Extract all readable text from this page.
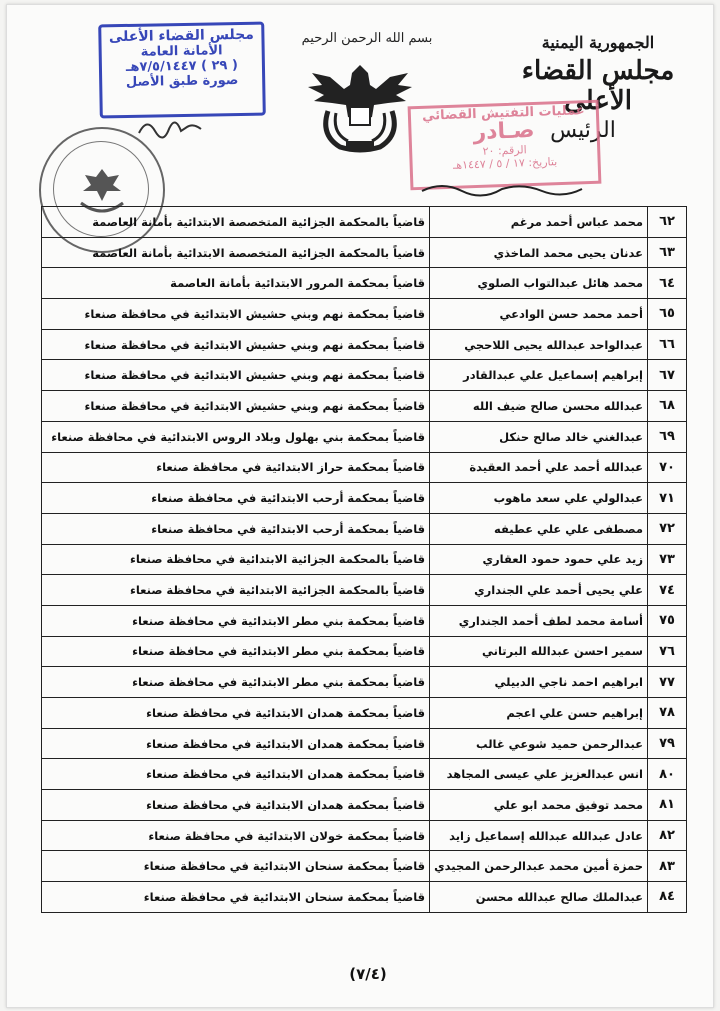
الجمهورية اليمنية
مجلس القضاء الأعلى
الرئيس
بسم الله الرحمن الرحيم
مجلس القضاء الأعلى
الأمانة العامة
( ٢٩ ) ٧/٥/١٤٤٧هـ
صورة طبق الأصل
عمليات التفتيش القضائي
صـادر
الرقم: ٢٠
بتاريخ: ١٧ / ٥ / ١٤٤٧هـ
٦٢	محمد عباس أحمد مرغم	قاضياً بالمحكمة الجزائية المتخصصة الابتدائية بأمانة العاصمة
٦٣	عدنان يحيى محمد الماخذي	قاضياً بالمحكمة الجزائية المتخصصة الابتدائية بأمانة العاصمة
٦٤	محمد هائل عبدالتواب الصلوي	قاضياً بمحكمة المرور الابتدائية بأمانة العاصمة
٦٥	أحمد محمد حسن الوادعي	قاضياً بمحكمة نهم وبني حشيش الابتدائية في محافظة صنعاء
٦٦	عبدالواحد عبدالله يحيى اللاحجي	قاضياً بمحكمة نهم وبني حشيش الابتدائية في محافظة صنعاء
٦٧	إبراهيم إسماعيل علي عبدالقادر	قاضياً بمحكمة نهم وبني حشيش الابتدائية في محافظة صنعاء
٦٨	عبدالله محسن صالح ضيف الله	قاضياً بمحكمة نهم وبني حشيش الابتدائية في محافظة صنعاء
٦٩	عبدالغني خالد صالح حنكل	قاضياً بمحكمة بني بهلول وبلاد الروس الابتدائية في محافظة صنعاء
٧٠	عبدالله أحمد علي أحمد العقيدة	قاضياً بمحكمة حراز الابتدائية في محافظة صنعاء
٧١	عبدالولي علي سعد ماهوب	قاضياً بمحكمة أرحب الابتدائية في محافظة صنعاء
٧٢	مصطفى علي علي عطيفه	قاضياً بمحكمة أرحب الابتدائية في محافظة صنعاء
٧٣	زيد علي حمود حمود العقاري	قاضياً بالمحكمة الجزائية الابتدائية في محافظة صنعاء
٧٤	علي يحيى أحمد علي الجنداري	قاضياً بالمحكمة الجزائية الابتدائية في محافظة صنعاء
٧٥	أسامة محمد لطف أحمد الجنداري	قاضياً بمحكمة بني مطر الابتدائية في محافظة صنعاء
٧٦	سمير احسن عبدالله البرتاني	قاضياً بمحكمة بني مطر الابتدائية في محافظة صنعاء
٧٧	ابراهيم احمد ناجي الدبيلي	قاضياً بمحكمة بني مطر الابتدائية في محافظة صنعاء
٧٨	إبراهيم حسن علي اعجم	قاضياً بمحكمة همدان الابتدائية في محافظة صنعاء
٧٩	عبدالرحمن حميد شوعي غالب	قاضياً بمحكمة همدان الابتدائية في محافظة صنعاء
٨٠	انس عبدالعزيز علي عيسى المجاهد	قاضياً بمحكمة همدان الابتدائية في محافظة صنعاء
٨١	محمد توفيق محمد ابو علي	قاضياً بمحكمة همدان الابتدائية في محافظة صنعاء
٨٢	عادل عبدالله عبدالله إسماعيل زايد	قاضياً بمحكمة خولان الابتدائية في محافظة صنعاء
٨٣	حمزة أمين محمد عبدالرحمن المجيدي	قاضياً بمحكمة سنحان الابتدائية في محافظة صنعاء
٨٤	عبدالملك صالح عبدالله محسن	قاضياً بمحكمة سنحان الابتدائية في محافظة صنعاء
(٧/٤)
